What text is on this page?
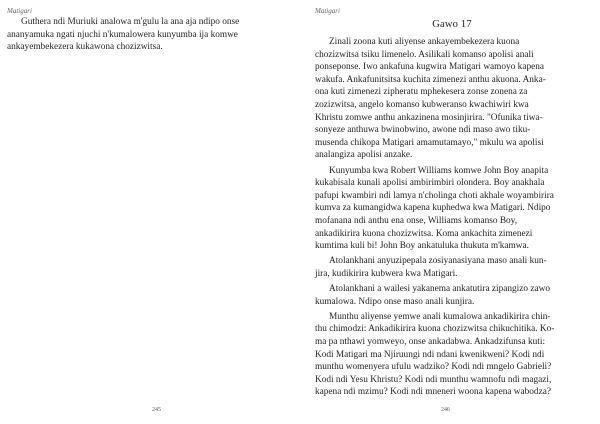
Matigari

Guthera ndi Muriuki analowa m'gulu la ana aja ndipo onse
ananyamuka ngati njuchi n'kumalowera kunyumba ija komwe
ankayembekezera kukawona chozizwitsa.

245
Matigari
Gawo 17

Zinali zoona kuti aliyense ankayembekezera kuona
chozizwitsa tsiku limenelo. Asilikali komanso apolisi anali
ponseponse. Iwo ankafuna kugwira Matigari wamoyo kapena
wakufa. Ankafunitsitsa kuchita zimenezi anthu akuona. Anka-
ona kuti zimenezi zipheratu mphekesera zonse zonena za
zozizwitsa, angelo komanso kubweranso kwachiwiri kwa
Khristu zomwe anthu ankazinena mosinjirira. "Ofunika tiwa-
sonyeze anthuwa bwinobwino, awone ndi maso awo tiku-
musenda chikopa Matigari amamutamayo," mkulu wa apolisi
analangiza apolisi anzake.

Kunyumba kwa Robert Williams komwe John Boy anapita
kukabisala kunali apolisi ambirimbiri olondera. Boy anakhala
pafupi kwambiri ndi lamya n'cholinga choti akhale woyambirira
kumva za kumangidwa kapena kuphedwa kwa Matigari. Ndipo
mofanana ndi anthu ena onse, Williams komanso Boy,
ankadikirira kuona chozizwitsa. Koma ankachita zimenezi
kumtima kuli bi! John Boy ankatuluka thukuta m'kamwa.

Atolankhani anyuzipepala zosiyanasiyana maso anali kun-
jira, kudikirira kubwera kwa Matigari.

Atolankhani a wailesi yakanema ankatutira zipangizo zawo
kumalowa. Ndipo onse maso anali kunjira.

Munthu aliyense yemwe anali kumalowa ankadikirira chin-
thu chimodzi: Ankadikirira kuona chozizwitsa chikuchitika. Ko-
ma pa nthawi yomweyo, onse ankadabwa. Ankadzifunsa kuti:
Kodi Matigari ma Njiruungi ndi ndani kwenikweni? Kodi ndi
munthu womenyera ufulu wadziko? Kodi ndi mngelo Gabrieli?
Kodi ndi Yesu Khristu? Kodi ndi munthu wamnofu ndi magazi,
kapena ndi mzimu? Kodi ndi mneneri woona kapena wabodza?

246
